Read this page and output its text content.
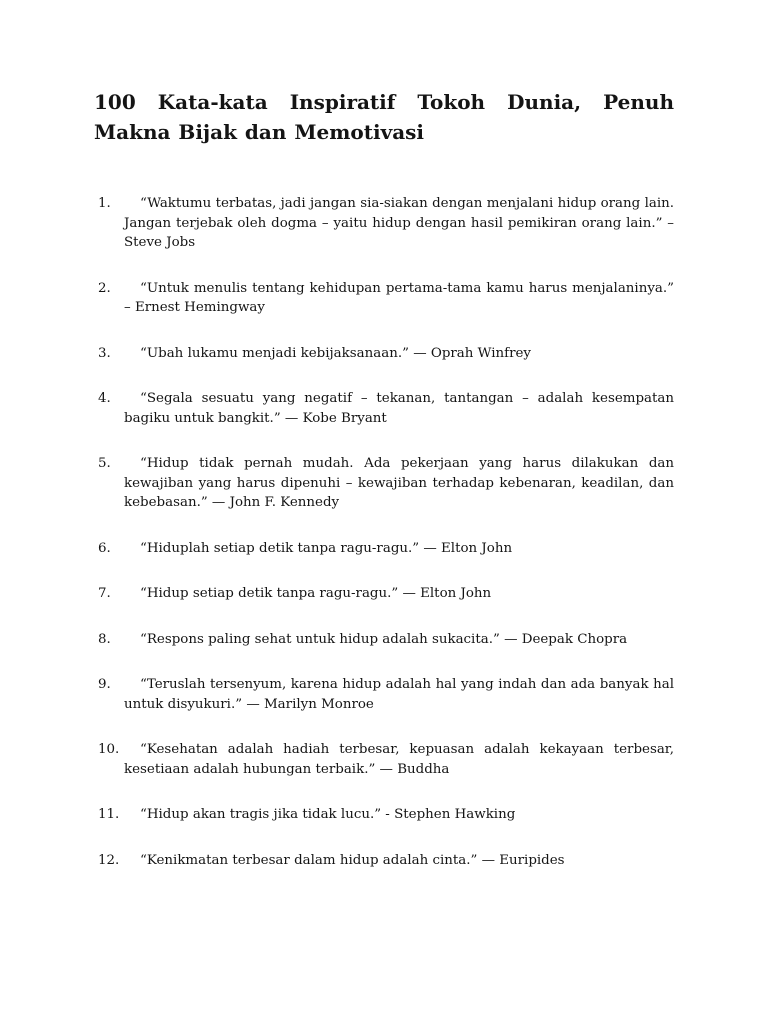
100 Kata-kata Inspiratif Tokoh Dunia, Penuh Makna Bijak dan Memotivasi
1.	“Waktumu terbatas, jadi jangan sia-siakan dengan menjalani hidup orang lain. Jangan terjebak oleh dogma – yaitu hidup dengan hasil pemikiran orang lain.” – Steve Jobs
2.	“Untuk menulis tentang kehidupan pertama-tama kamu harus menjalaninya.” – Ernest Hemingway
3.	“Ubah lukamu menjadi kebijaksanaan.” — Oprah Winfrey
4.	“Segala sesuatu yang negatif – tekanan, tantangan – adalah kesempatan bagiku untuk bangkit.” — Kobe Bryant
5.	“Hidup tidak pernah mudah. Ada pekerjaan yang harus dilakukan dan kewajiban yang harus dipenuhi – kewajiban terhadap kebenaran, keadilan, dan kebebasan.” — John F. Kennedy
6.	“Hiduplah setiap detik tanpa ragu-ragu.” — Elton John
7.	“Hidup setiap detik tanpa ragu-ragu.” — Elton John
8.	“Respons paling sehat untuk hidup adalah sukacita.” — Deepak Chopra
9.	“Teruslah tersenyum, karena hidup adalah hal yang indah dan ada banyak hal untuk disyukuri.” — Marilyn Monroe
10.	“Kesehatan adalah hadiah terbesar, kepuasan adalah kekayaan terbesar, kesetiaan adalah hubungan terbaik.” — Buddha
11.	“Hidup akan tragis jika tidak lucu.” - Stephen Hawking
12.	“Kenikmatan terbesar dalam hidup adalah cinta.” — Euripides
